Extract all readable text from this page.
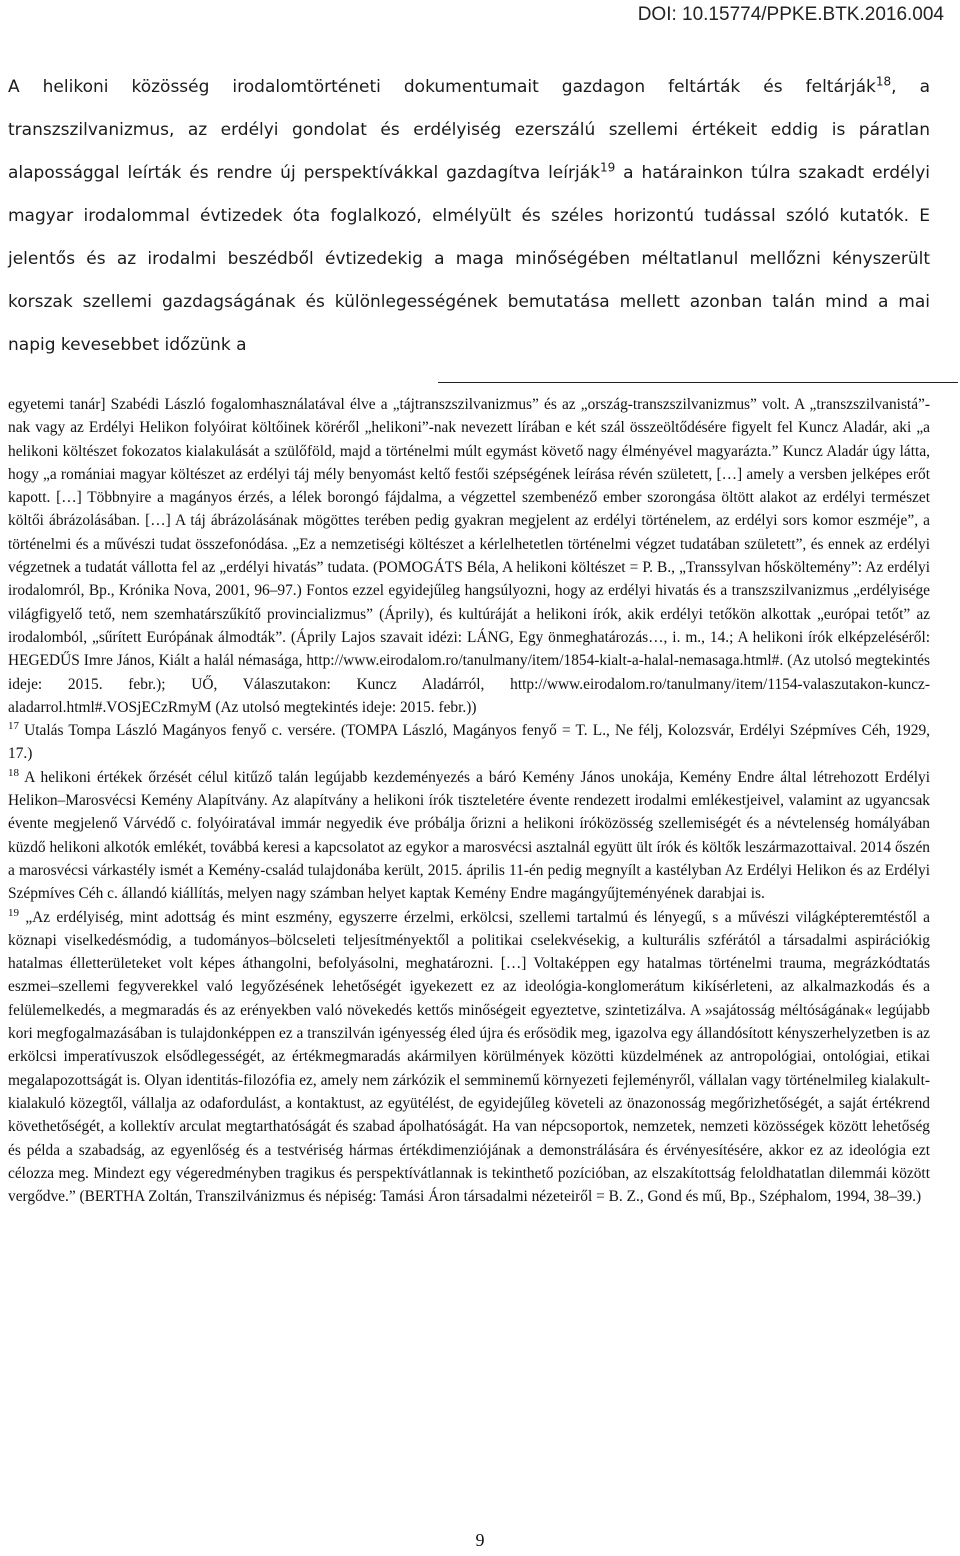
DOI: 10.15774/PPKE.BTK.2016.004

A helikoni közösség irodalomtörténeti dokumentumait gazdagon feltárták és feltárják$^{18}$, a transzszilvanizmus, az erdélyi gondolat és erdélyiség ezerszálú szellemi értékeit eddig is páratlan alapossággal leírták és rendre új perspektívákkal gazdagítva leírják$^{19}$ a határainkon túlra szakadt erdélyi magyar irodalommal évtizedek óta foglalkozó, elmélyült és széles horizontú tudással szóló kutatók. E jelentős és az irodalmi beszédből évtizedekig a maga minőségében méltatlanul mellőzni kényszerült korszak szellemi gazdagságának és különlegességének bemutatása mellett azonban talán mind a mai napig kevesebbet időzünk a

egyetemi tanár] Szabédi László fogalomhasználatával élve a „tájtranszszilvanizmus” és az „ország-transzszilvanizmus” volt. A „transzszilvanistá”-nak vagy az Erdélyi Helikon folyóirat költőinek köréről „helikoni”-nak nevezett lírában e két szál összeöltődésére figyelt fel Kuncz Aladár, aki „a helikoni költészet fokozatos kialakulását a szülőföld, majd a történelmi múlt egymást követő nagy élményével magyarázta.” Kuncz Aladár úgy látta, hogy „a romániai magyar költészet az erdélyi táj mély benyomást keltő festői szépségének leírása révén született, […] amely a versben jelképes erőt kapott. […] Többnyire a magányos érzés, a lélek borongó fájdalma, a végzettel szembenéző ember szorongása öltött alakot az erdélyi természet költői ábrázolásában. […] A táj ábrázolásának mögöttes terében pedig gyakran megjelent az erdélyi történelem, az erdélyi sors komor eszméje”, a történelmi és a művészi tudat összefonódása. „Ez a nemzetiségi költészet a kérlelhetetlen történelmi végzet tudatában született”, és ennek az erdélyi végzetnek a tudatát vállotta fel az „erdélyi hivatás” tudata. (POMOGÁTS Béla, A helikoni költészet = P. B., „Transsylvan hősköltemény”: Az erdélyi irodalomról, Bp., Krónika Nova, 2001, 96–97.) Fontos ezzel egyidejűleg hangsúlyozni, hogy az erdélyi hivatás és a transzszilvanizmus „erdélyisége világfigyelő tető, nem szemhatárszűkítő provincializmus” (Áprily), és kultúráját a helikoni írók, akik erdélyi tetőkön alkottak „európai tetőt” az irodalomból, „sűrített Európának álmodták”. (Áprily Lajos szavait idézi: LÁNG, Egy önmeghatározás…, i. m., 14.; A helikoni írók elképzeléséről: HEGEDŰS Imre János, Kiált a halál némasága, http://www.eirodalom.ro/tanulmany/item/1854-kialt-a-halal-nemasaga.html#. (Az utolsó megtekintés ideje: 2015. febr.); UŐ, Válaszutakon: Kuncz Aladárról, http://www.eirodalom.ro/tanulmany/item/1154-valaszutakon-kuncz-aladarrol.html#.VOSjECzRmyM (Az utolsó megtekintés ideje: 2015. febr.))

$^{17}$ Utalás Tompa László Magányos fenyő c. versére. (TOMPA László, Magányos fenyő = T. L., Ne félj, Kolozsvár, Erdélyi Szépmíves Céh, 1929, 17.)

$^{18}$ A helikoni értékek őrzését célul kitűző talán legújabb kezdeményezés a báró Kemény János unokája, Kemény Endre által létrehozott Erdélyi Helikon–Marosvécsi Kemény Alapítvány. Az alapítvány a helikoni írók tiszteletére évente rendezett irodalmi emlékestjeivel, valamint az ugyancsak évente megjelenő Várvédő c. folyóiratával immár negyedik éve próbálja őrizni a helikoni íróközösség szellemiségét és a névtelenség homályában küzdő helikoni alkotók emlékét, továbbá keresi a kapcsolatot az egykor a marosvécsi asztalnál együtt ült írók és költők leszármazottaival. 2014 őszén a marosvécsi várkastély ismét a Kemény-család tulajdonába került, 2015. április 11-én pedig megnyílt a kastélyban Az Erdélyi Helikon és az Erdélyi Szépmíves Céh c. állandó kiállítás, melyen nagy számban helyet kaptak Kemény Endre magángyűjteményének darabjai is.

$^{19}$ „Az erdélyiség, mint adottság és mint eszmény, egyszerre érzelmi, erkölcsi, szellemi tartalmú és lényegű, s a művészi világképteremtéstől a köznapi viselkedésmódig, a tudományos–bölcseleti teljesítményektől a politikai cselekvésekig, a kulturális szférától a társadalmi aspirációkig hatalmas élletterületeket volt képes áthangolni, befolyásolni, meghatározni. […] Voltaképpen egy hatalmas történelmi trauma, megrázkódtatás eszmei–szellemi fegyverekkel való legyőzésének lehetőségét igyekezett ez az ideológia-konglomerátum kikísérleteni, az alkalmazkodás és a felülemelkedés, a megmaradás és az erényekben való növekedés kettős minőségeit egyeztetve, szintetizálva. A »sajátosság méltóságának« legújabb kori megfogalmazásában is tulajdonképpen ez a transzilván igényesség éled újra és erősödik meg, igazolva egy állandósított kényszerhelyzetben is az erkölcsi imperatívuszok elsődlegességét, az értékmegmaradás akármilyen körülmények közötti küzdelmének az antropológiai, ontológiai, etikai megalapozottságát is. Olyan identitás-filozófia ez, amely nem zárkózik el semminemű környezeti fejleményről, vállalan vagy történelmileg kialakult-kialakuló közegtől, vállalja az odafordulást, a kontaktust, az együtélést, de egyidejűleg követeli az önazonosság megőrizhetőségét, a saját értékrend követhetőségét, a kollektív arculat megtarthatóságát és szabad ápolhatóságát. Ha van népcsoportok, nemzetek, nemzeti közösségek között lehetőség és példa a szabadság, az egyenlőség és a testvériség hármas értékdimenziójának a demonstrálására és érvényesítésére, akkor ez az ideológia ezt célozza meg. Mindezt egy végeredményben tragikus és perspektívátlannak is tekinthető pozícióban, az elszakítottság feloldhatatlan dilemmái között vergődve.” (BERTHA Zoltán, Transzilvánizmus és népiség: Tamási Áron társadalmi nézeteiről = B. Z., Gond és mű, Bp., Széphalom, 1994, 38–39.)

9
